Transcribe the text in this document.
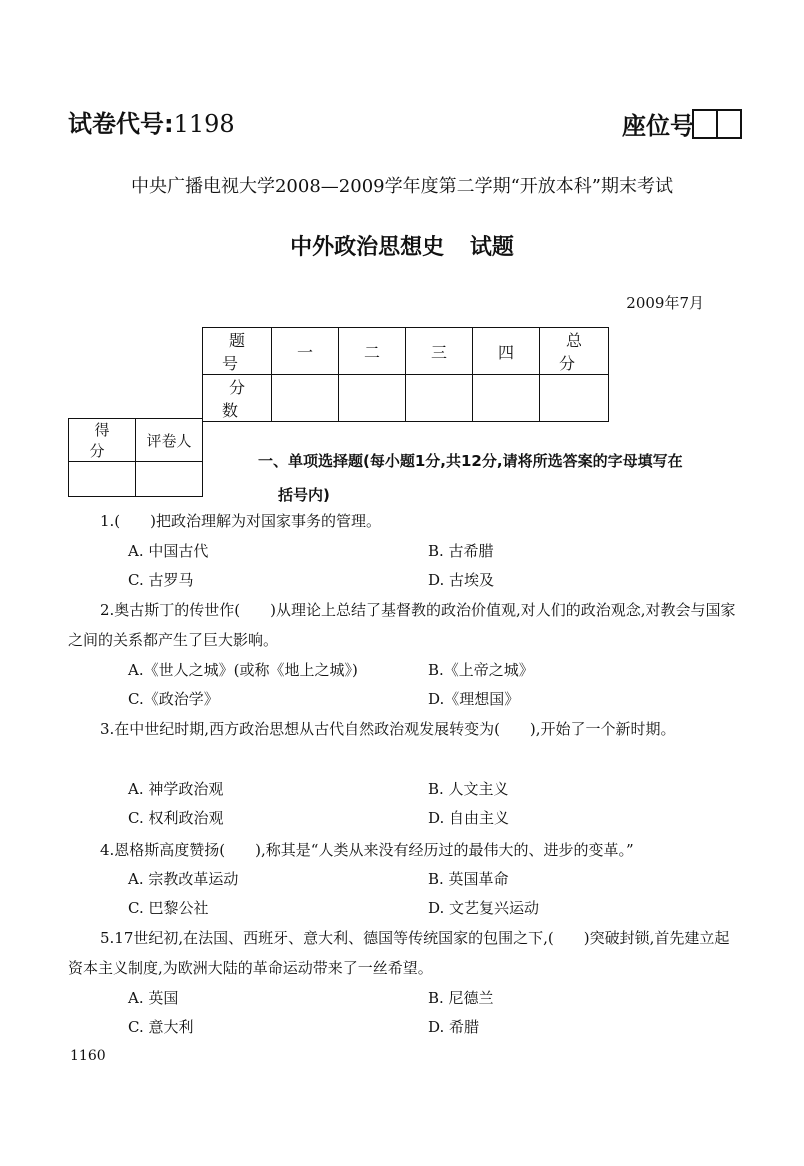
试卷代号:1198	座位号
中央广播电视大学2008—2009学年度第二学期“开放本科”期末考试
中外政治思想史 试题
2009年7月
题 号	一	二	三	四	总 分
分 数					
得 分	评卷人

一、单项选择题(每小题1分,共12分,请将所选答案的字母填写在
括号内)
1.(　　)把政治理解为对国家事务的管理。
A. 中国古代	B. 古希腊
C. 古罗马	D. 古埃及
2.奥古斯丁的传世作(　　)从理论上总结了基督教的政治价值观,对人们的政治观念,对教会与国家之间的关系都产生了巨大影响。
A.《世人之城》(或称《地上之城》)	B.《上帝之城》
C.《政治学》	D.《理想国》
3.在中世纪时期,西方政治思想从古代自然政治观发展转变为(　　),开始了一个新时期。
A. 神学政治观	B. 人文主义
C. 权利政治观	D. 自由主义
4.恩格斯高度赞扬(　　),称其是“人类从来没有经历过的最伟大的、进步的变革。”
A. 宗教改革运动	B. 英国革命
C. 巴黎公社	D. 文艺复兴运动
5.17世纪初,在法国、西班牙、意大利、德国等传统国家的包围之下,(　　)突破封锁,首先建立起资本主义制度,为欧洲大陆的革命运动带来了一丝希望。
A. 英国	B. 尼德兰
C. 意大利	D. 希腊
1160
